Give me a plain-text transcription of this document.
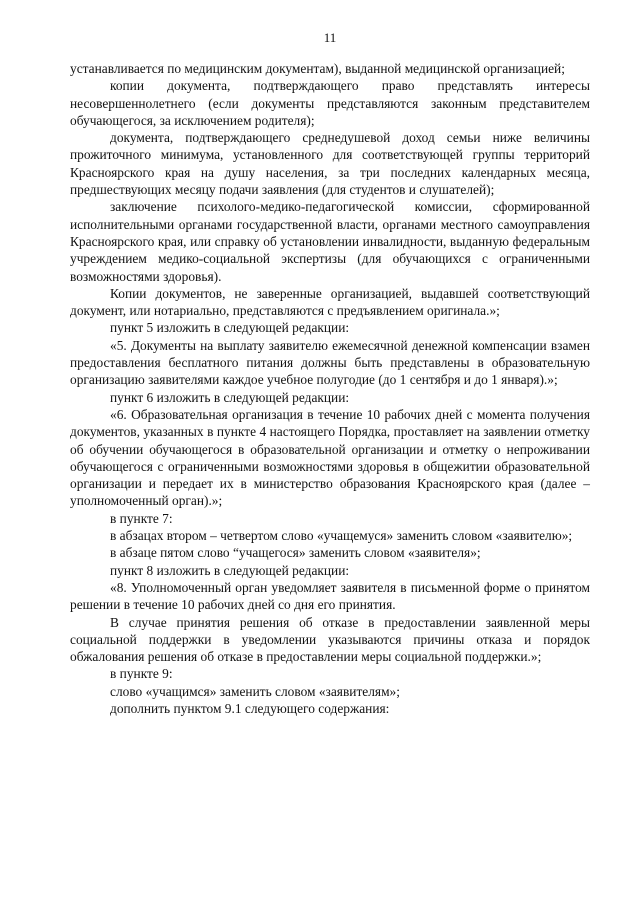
11

устанавливается по медицинским документам), выданной медицинской организацией;

копии документа, подтверждающего право представлять интересы несовершеннолетнего (если документы представляются законным представителем обучающегося, за исключением родителя);

документа, подтверждающего среднедушевой доход семьи ниже величины прожиточного минимума, установленного для соответствующей группы территорий Красноярского края на душу населения, за три последних календарных месяца, предшествующих месяцу подачи заявления (для студентов и слушателей);

заключение психолого-медико-педагогической комиссии, сформированной исполнительными органами государственной власти, органами местного самоуправления Красноярского края, или справку об установлении инвалидности, выданную федеральным учреждением медико-социальной экспертизы (для обучающихся с ограниченными возможностями здоровья).

Копии документов, не заверенные организацией, выдавшей соответствующий документ, или нотариально, представляются с предъявлением оригинала.»;

пункт 5 изложить в следующей редакции:

«5. Документы на выплату заявителю ежемесячной денежной компенсации взамен предоставления бесплатного питания должны быть представлены в образовательную организацию заявителями каждое учебное полугодие (до 1 сентября и до 1 января).»;

пункт 6 изложить в следующей редакции:

«6. Образовательная организация в течение 10 рабочих дней с момента получения документов, указанных в пункте 4 настоящего Порядка, проставляет на заявлении отметку об обучении обучающегося в образовательной организации и отметку о непроживании обучающегося с ограниченными возможностями здоровья в общежитии образовательной организации и передает их в министерство образования Красноярского края (далее – уполномоченный орган).»;

в пункте 7:

в абзацах втором – четвертом слово «учащемуся» заменить словом «заявителю»;

в абзаце пятом слово “учащегося» заменить словом «заявителя»;

пункт 8 изложить в следующей редакции:

«8. Уполномоченный орган уведомляет заявителя в письменной форме о принятом решении в течение 10 рабочих дней со дня его принятия.

В случае принятия решения об отказе в предоставлении заявленной меры социальной поддержки в уведомлении указываются причины отказа и порядок обжалования решения об отказе в предоставлении меры социальной поддержки.»;

в пункте 9:

слово «учащимся» заменить словом «заявителям»;

дополнить пунктом 9.1 следующего содержания:
